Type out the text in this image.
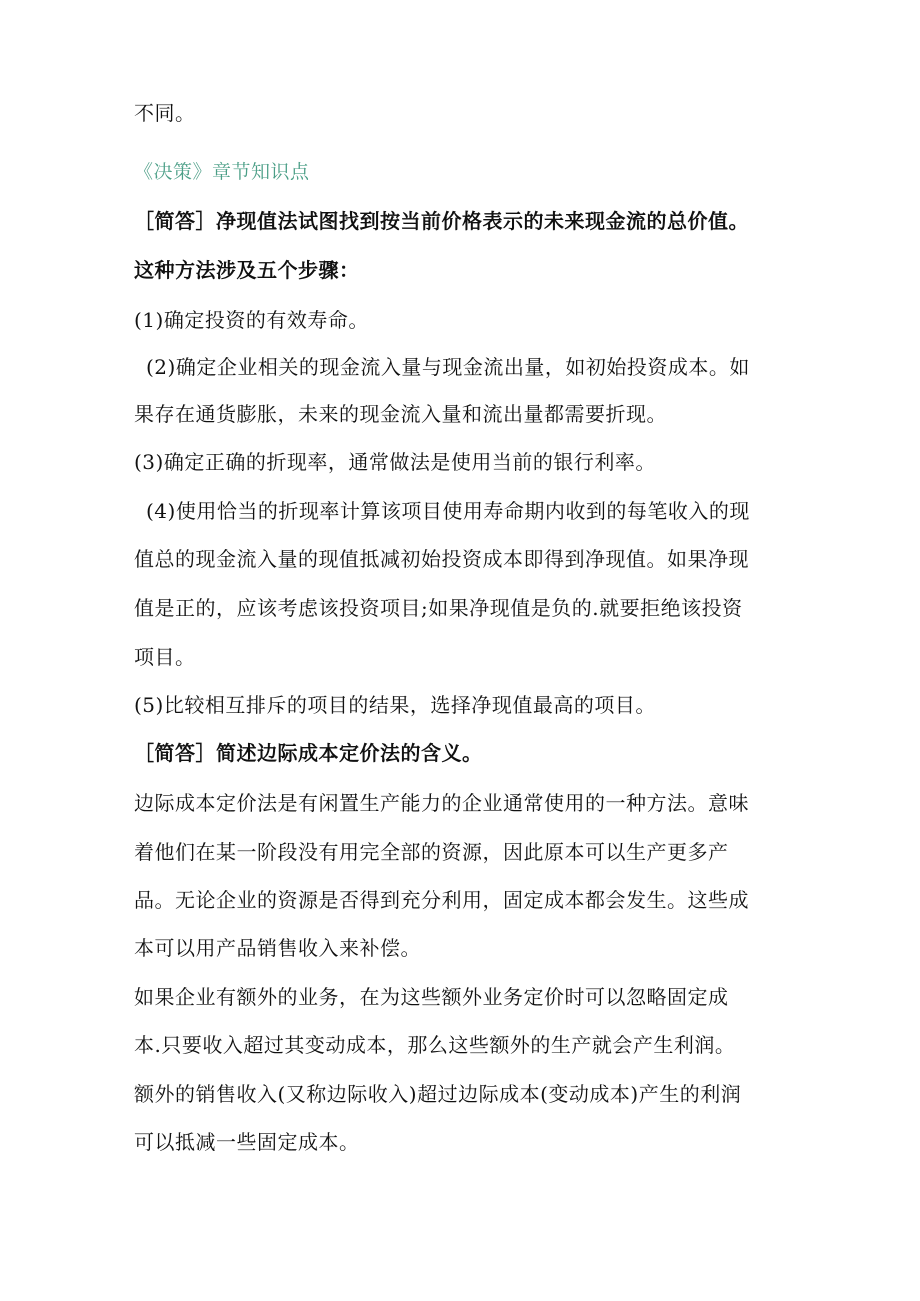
不同。
《决策》章节知识点
［简答］净现值法试图找到按当前价格表示的未来现金流的总价值。
这种方法涉及五个步骤：
(1)确定投资的有效寿命。
(2)确定企业相关的现金流入量与现金流出量，如初始投资成本。如
果存在通货膨胀，未来的现金流入量和流出量都需要折现。
(3)确定正确的折现率，通常做法是使用当前的银行利率。
(4)使用恰当的折现率计算该项目使用寿命期内收到的每笔收入的现
值总的现金流入量的现值抵减初始投资成本即得到净现值。如果净现
值是正的，应该考虑该投资项目;如果净现值是负的.就要拒绝该投资
项目。
(5)比较相互排斥的项目的结果，选择净现值最高的项目。
［简答］简述边际成本定价法的含义。
边际成本定价法是有闲置生产能力的企业通常使用的一种方法。意味
着他们在某一阶段没有用完全部的资源，因此原本可以生产更多产
品。无论企业的资源是否得到充分利用，固定成本都会发生。这些成
本可以用产品销售收入来补偿。
如果企业有额外的业务，在为这些额外业务定价时可以忽略固定成
本.只要收入超过其变动成本，那么这些额外的生产就会产生利润。
额外的销售收入(又称边际收入)超过边际成本(变动成本)产生的利润
可以抵减一些固定成本。
